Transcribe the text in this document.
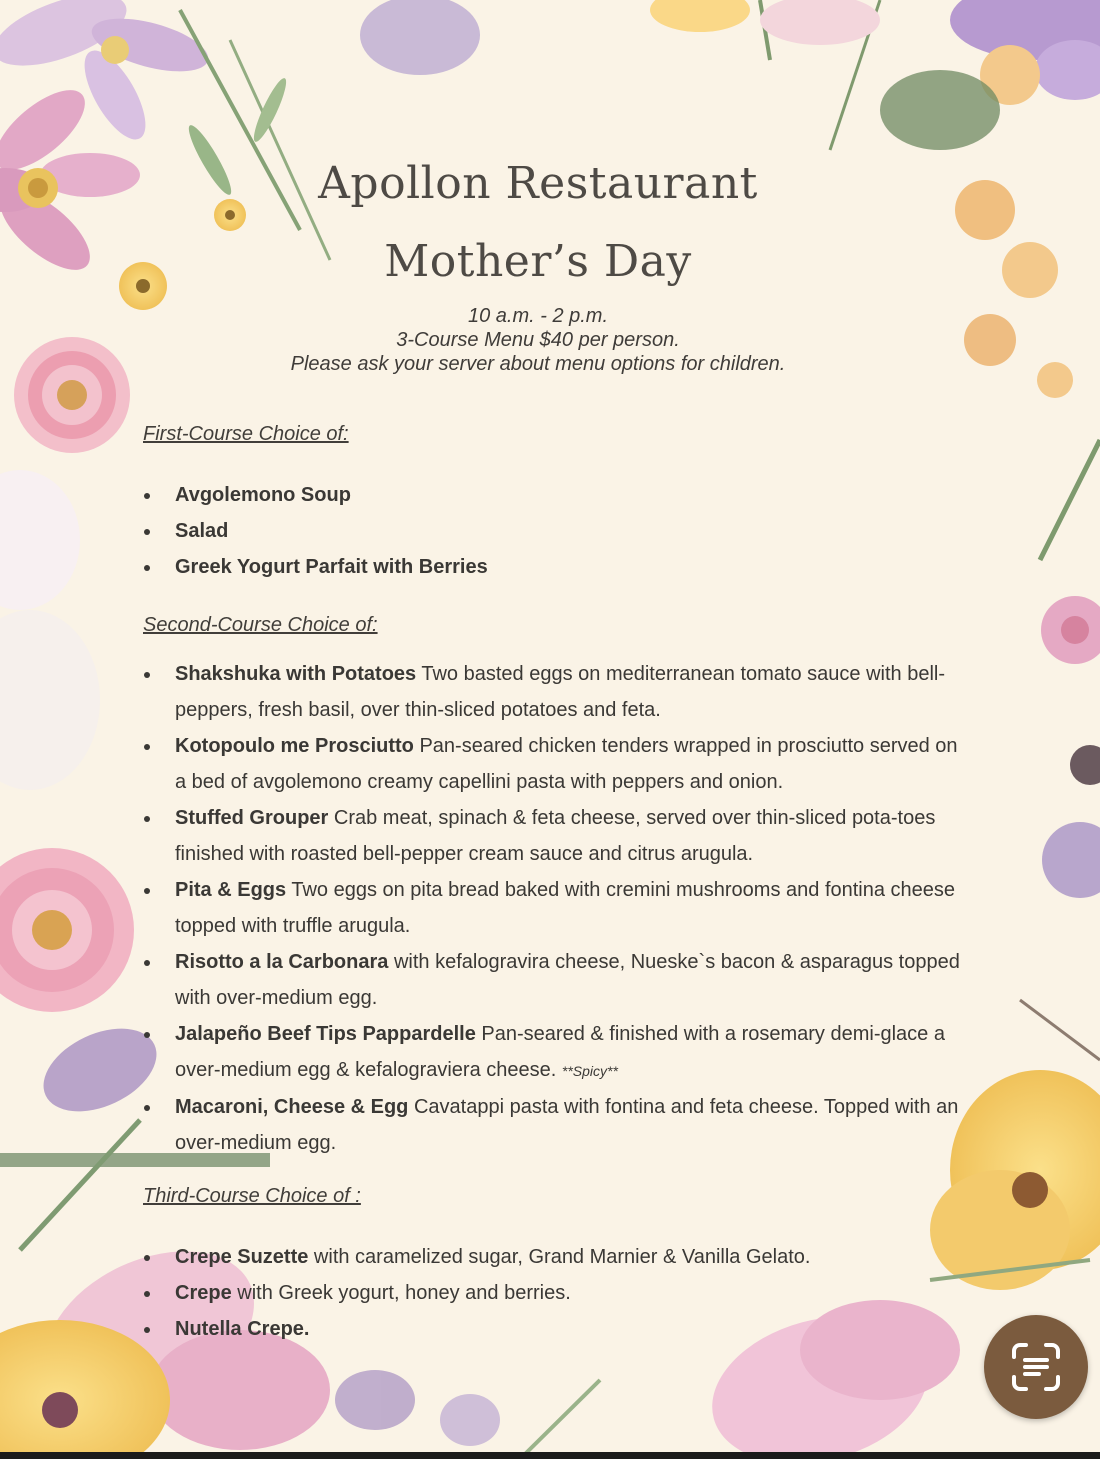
Apollon Restaurant
Mother’s Day
10 a.m. - 2 p.m.
3-Course Menu $40 per person.
Please ask your server about menu options for children.
First-Course Choice of:
Avgolemono Soup
Salad
Greek Yogurt Parfait with Berries
Second-Course Choice of:
Shakshuka with Potatoes Two basted eggs on mediterranean tomato sauce with bell-peppers, fresh basil, over thin-sliced potatoes and feta.
Kotopoulo me Prosciutto Pan-seared chicken tenders wrapped in prosciutto served on a bed of avgolemono creamy capellini pasta with peppers and onion.
Stuffed Grouper Crab meat, spinach & feta cheese, served over thin-sliced pota-toes finished with roasted bell-pepper cream sauce and citrus arugula.
Pita & Eggs Two eggs on pita bread baked with cremini mushrooms and fontina cheese topped with truffle arugula.
Risotto a la Carbonara with kefalogravira cheese, Nueske`s bacon & asparagus topped with over-medium egg.
Jalapeño Beef Tips Pappardelle Pan-seared & finished with a rosemary demi-glace a over-medium egg & kefalograviera cheese. **Spicy**
Macaroni, Cheese & Egg Cavatappi pasta with fontina and feta cheese. Topped with an over-medium egg.
Third-Course Choice of :
Crepe Suzette with caramelized sugar, Grand Marnier & Vanilla Gelato.
Crepe with Greek yogurt, honey and berries.
Nutella Crepe.
